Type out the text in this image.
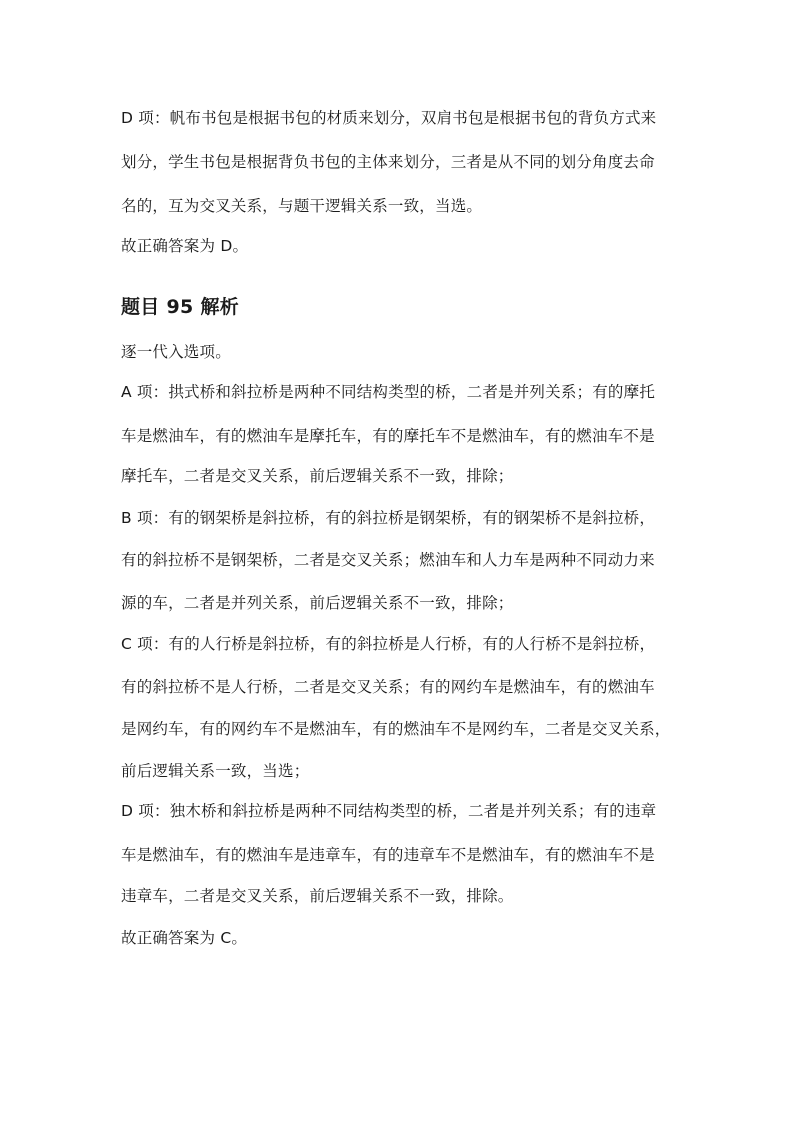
D 项：帆布书包是根据书包的材质来划分，双肩书包是根据书包的背负方式来
划分，学生书包是根据背负书包的主体来划分，三者是从不同的划分角度去命
名的，互为交叉关系，与题干逻辑关系一致，当选。
故正确答案为 D。
题目 95 解析
逐一代入选项。
A 项：拱式桥和斜拉桥是两种不同结构类型的桥，二者是并列关系；有的摩托
车是燃油车，有的燃油车是摩托车，有的摩托车不是燃油车，有的燃油车不是
摩托车，二者是交叉关系，前后逻辑关系不一致，排除；
B 项：有的钢架桥是斜拉桥，有的斜拉桥是钢架桥，有的钢架桥不是斜拉桥，
有的斜拉桥不是钢架桥，二者是交叉关系；燃油车和人力车是两种不同动力来
源的车，二者是并列关系，前后逻辑关系不一致，排除；
C 项：有的人行桥是斜拉桥，有的斜拉桥是人行桥，有的人行桥不是斜拉桥，
有的斜拉桥不是人行桥，二者是交叉关系；有的网约车是燃油车，有的燃油车
是网约车，有的网约车不是燃油车，有的燃油车不是网约车，二者是交叉关系，
前后逻辑关系一致，当选；
D 项：独木桥和斜拉桥是两种不同结构类型的桥，二者是并列关系；有的违章
车是燃油车，有的燃油车是违章车，有的违章车不是燃油车，有的燃油车不是
违章车，二者是交叉关系，前后逻辑关系不一致，排除。
故正确答案为 C。
